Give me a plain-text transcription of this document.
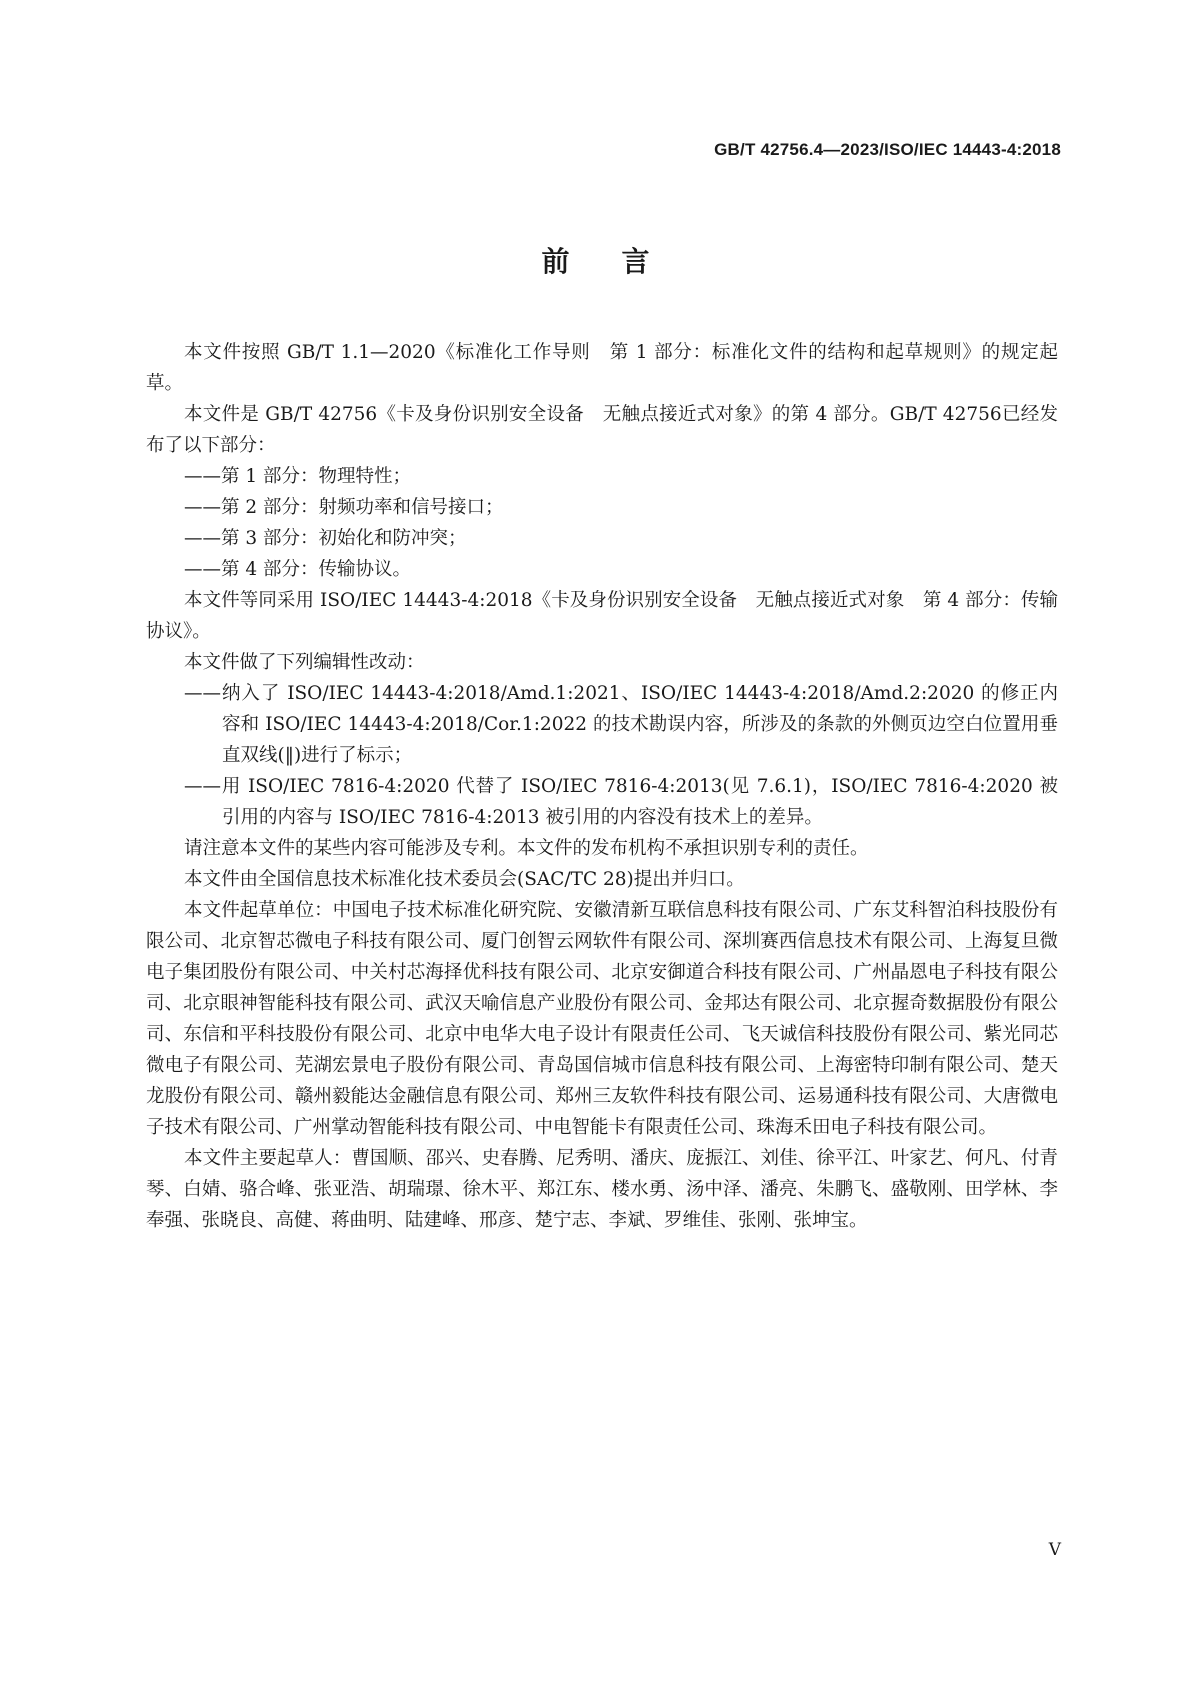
GB/T 42756.4—2023/ISO/IEC 14443-4:2018
前言

本文件按照 GB/T 1.1—2020《标准化工作导则　第 1 部分：标准化文件的结构和起草规则》的规定起草。

本文件是 GB/T 42756《卡及身份识别安全设备　无触点接近式对象》的第 4 部分。GB/T 42756已经发布了以下部分：

——第 1 部分：物理特性；

——第 2 部分：射频功率和信号接口；

——第 3 部分：初始化和防冲突；

——第 4 部分：传输协议。

本文件等同采用 ISO/IEC 14443-4:2018《卡及身份识别安全设备　无触点接近式对象　第 4 部分：传输协议》。

本文件做了下列编辑性改动：

——纳入了 ISO/IEC 14443-4:2018/Amd.1:2021、ISO/IEC 14443-4:2018/Amd.2:2020 的修正内容和 ISO/IEC 14443-4:2018/Cor.1:2022 的技术勘误内容，所涉及的条款的外侧页边空白位置用垂直双线(‖)进行了标示；

——用 ISO/IEC 7816-4:2020 代替了 ISO/IEC 7816-4:2013(见 7.6.1)，ISO/IEC 7816-4:2020 被引用的内容与 ISO/IEC 7816-4:2013 被引用的内容没有技术上的差异。

请注意本文件的某些内容可能涉及专利。本文件的发布机构不承担识别专利的责任。

本文件由全国信息技术标准化技术委员会(SAC/TC 28)提出并归口。

本文件起草单位：中国电子技术标准化研究院、安徽清新互联信息科技有限公司、广东艾科智泊科技股份有限公司、北京智芯微电子科技有限公司、厦门创智云网软件有限公司、深圳赛西信息技术有限公司、上海复旦微电子集团股份有限公司、中关村芯海择优科技有限公司、北京安御道合科技有限公司、广州晶恩电子科技有限公司、北京眼神智能科技有限公司、武汉天喻信息产业股份有限公司、金邦达有限公司、北京握奇数据股份有限公司、东信和平科技股份有限公司、北京中电华大电子设计有限责任公司、飞天诚信科技股份有限公司、紫光同芯微电子有限公司、芜湖宏景电子股份有限公司、青岛国信城市信息科技有限公司、上海密特印制有限公司、楚天龙股份有限公司、赣州毅能达金融信息有限公司、郑州三友软件科技有限公司、运易通科技有限公司、大唐微电子技术有限公司、广州掌动智能科技有限公司、中电智能卡有限责任公司、珠海禾田电子科技有限公司。

本文件主要起草人：曹国顺、邵兴、史春腾、尼秀明、潘庆、庞振江、刘佳、徐平江、叶家艺、何凡、付青琴、白婧、骆合峰、张亚浩、胡瑞璟、徐木平、郑江东、楼水勇、汤中泽、潘亮、朱鹏飞、盛敬刚、田学林、李奉强、张晓良、高健、蒋曲明、陆建峰、邢彦、楚宁志、李斌、罗维佳、张刚、张坤宝。

V
